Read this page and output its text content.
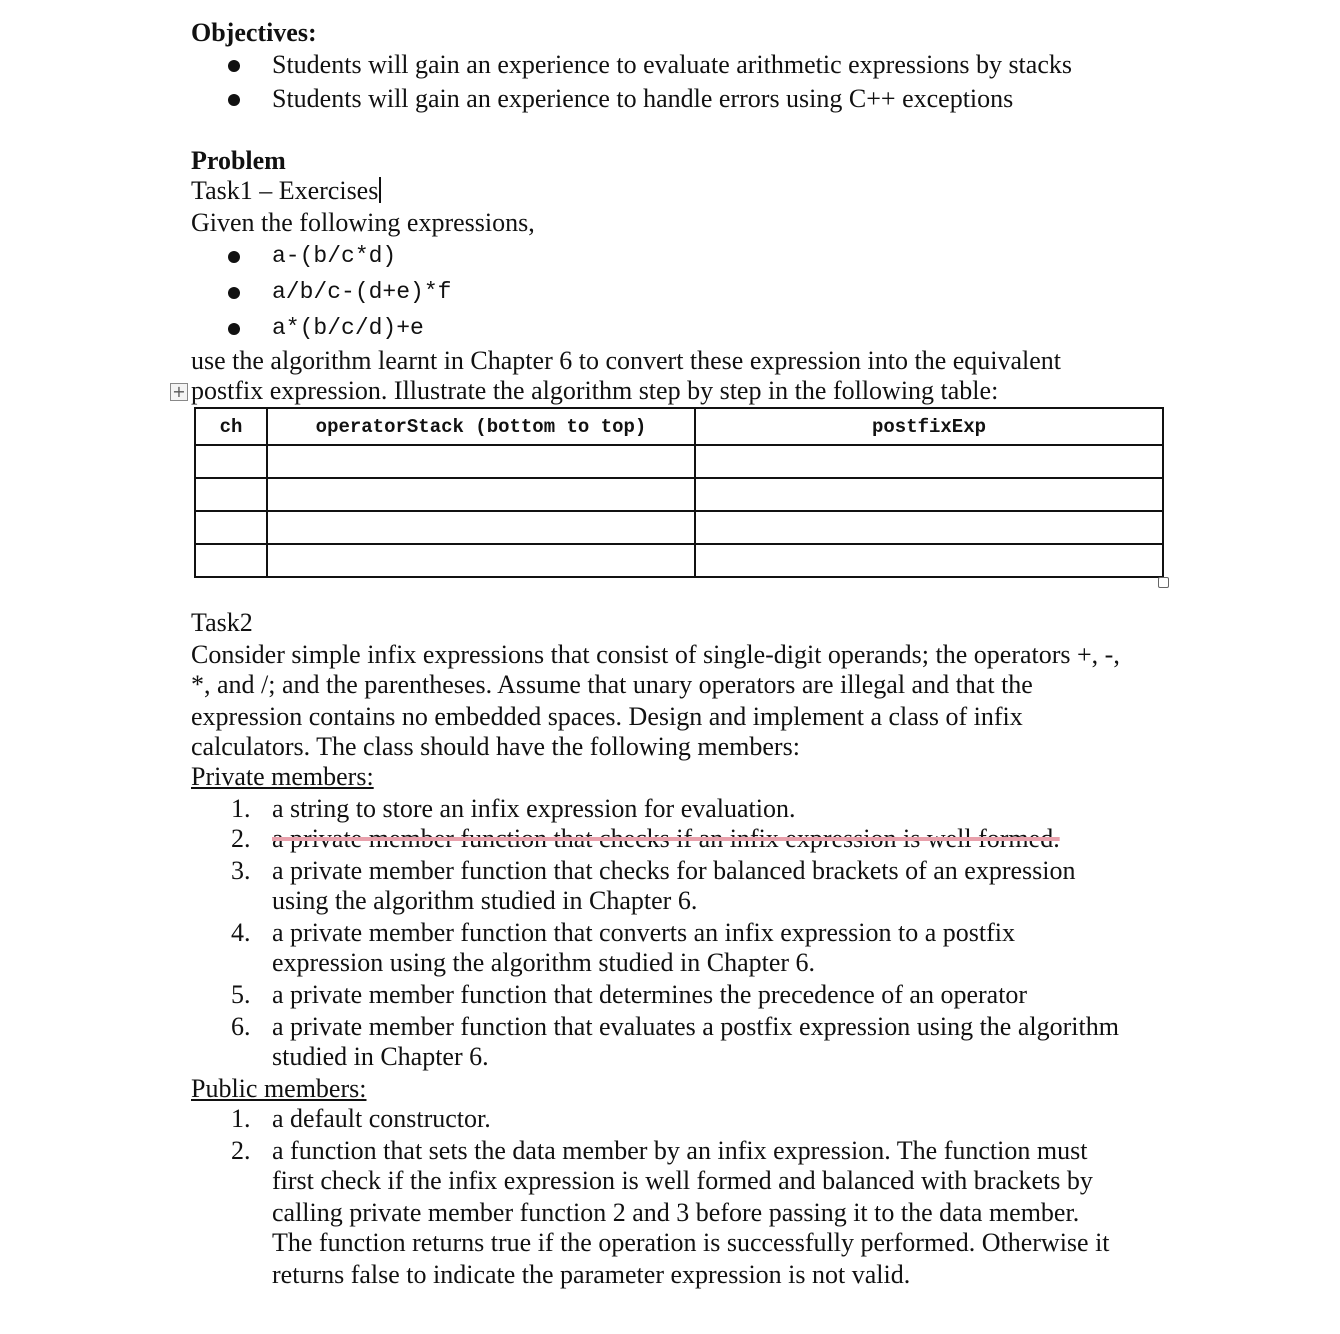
Objectives:
Students will gain an experience to evaluate arithmetic expressions by stacks
Students will gain an experience to handle errors using C++ exceptions
Problem
Task1 – Exercises
Given the following expressions,
a-(b/c*d)
a/b/c-(d+e)*f
a*(b/c/d)+e
use the algorithm learnt in Chapter 6 to convert these expression into the equivalent
postfix expression. Illustrate the algorithm step by step in the following table:
+
ch	operatorStack (bottom to top)	postfixExp

Task2
Consider simple infix expressions that consist of single-digit operands; the operators +, -,
*, and /; and the parentheses. Assume that unary operators are illegal and that the
expression contains no embedded spaces. Design and implement a class of infix
calculators. The class should have the following members:
Private members:
1. a string to store an infix expression for evaluation.
2. a private member function that checks if an infix expression is well formed.
3. a private member function that checks for balanced brackets of an expression
using the algorithm studied in Chapter 6.
4. a private member function that converts an infix expression to a postfix
expression using the algorithm studied in Chapter 6.
5. a private member function that determines the precedence of an operator
6. a private member function that evaluates a postfix expression using the algorithm
studied in Chapter 6.
Public members:
1. a default constructor.
2. a function that sets the data member by an infix expression. The function must
first check if the infix expression is well formed and balanced with brackets by
calling private member function 2 and 3 before passing it to the data member.
The function returns true if the operation is successfully performed. Otherwise it
returns false to indicate the parameter expression is not valid.
